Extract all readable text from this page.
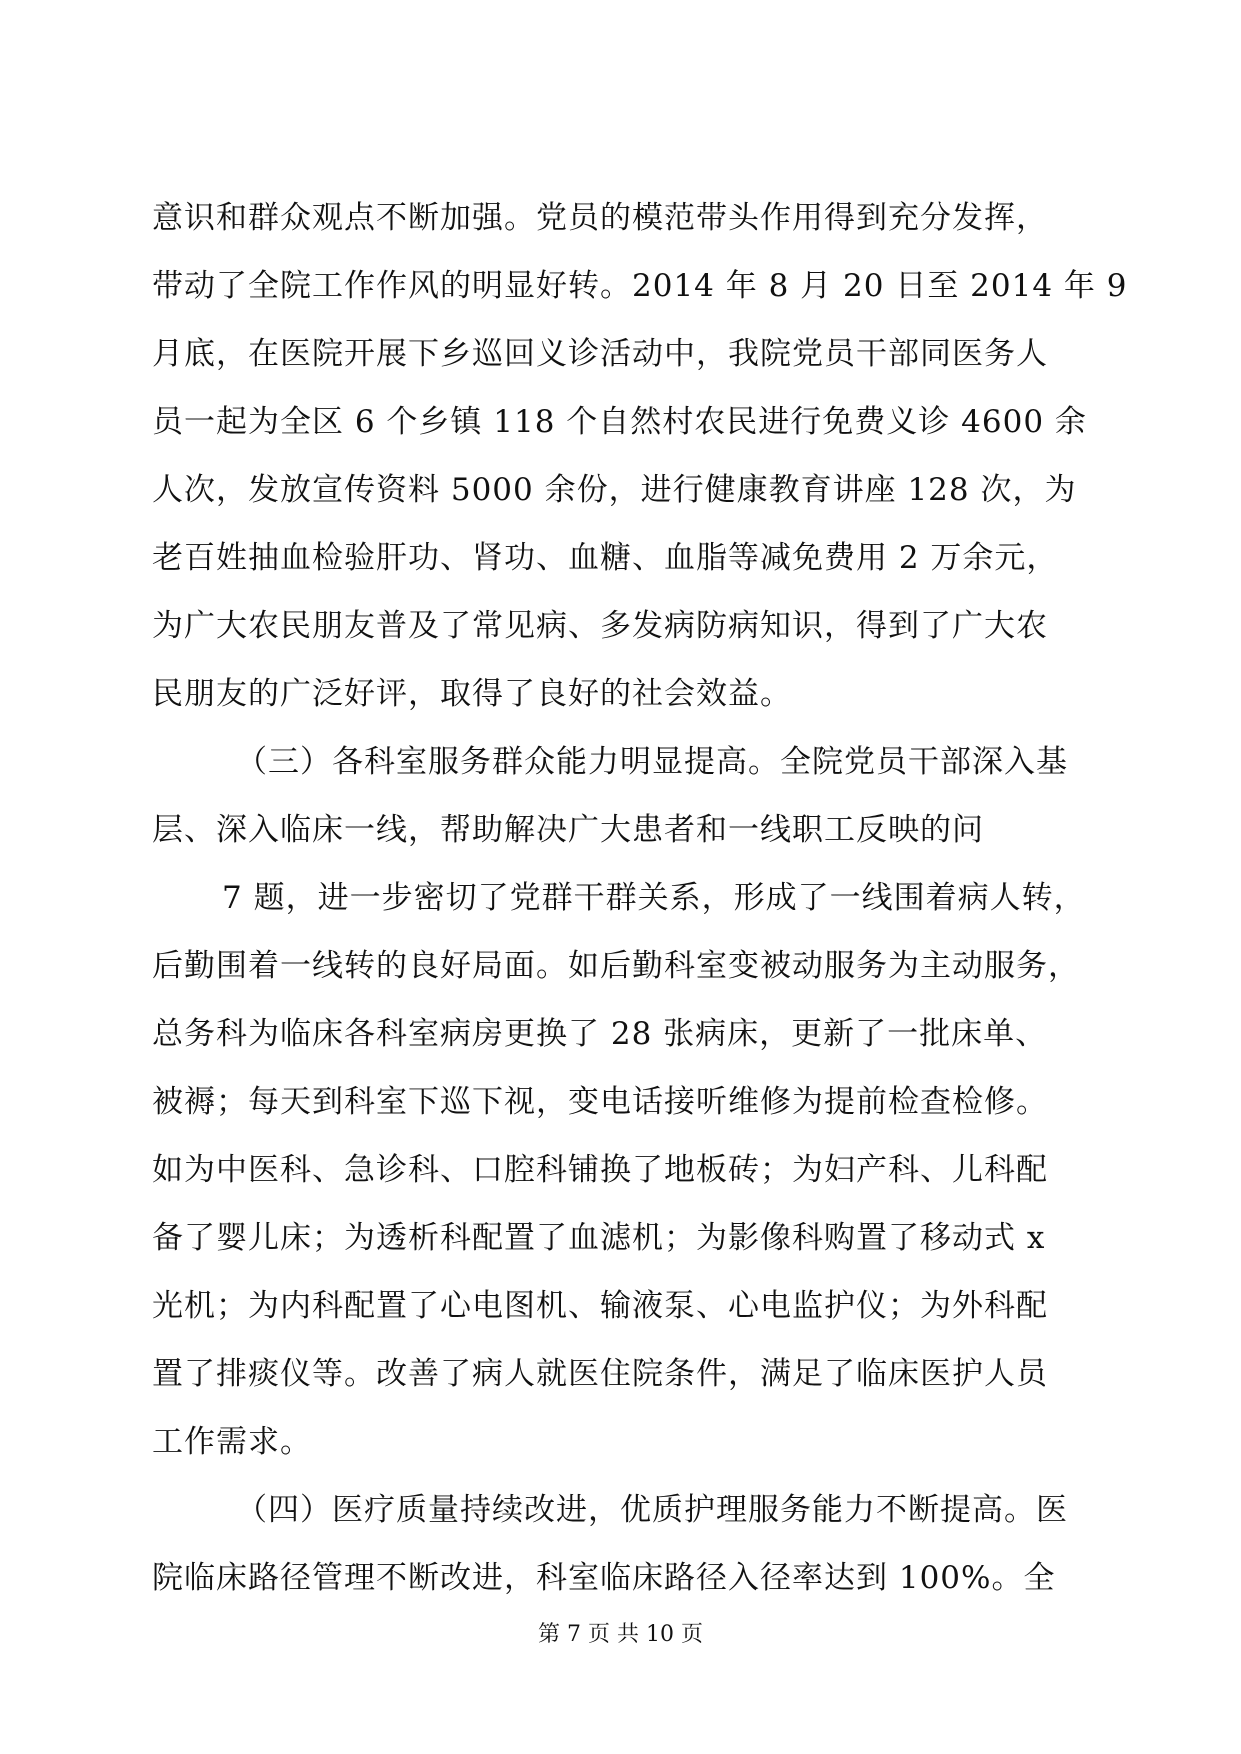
意识和群众观点不断加强。党员的模范带头作用得到充分发挥，
带动了全院工作作风的明显好转。2014 年 8 月 20 日至 2014 年 9
月底，在医院开展下乡巡回义诊活动中，我院党员干部同医务人
员一起为全区 6 个乡镇 118 个自然村农民进行免费义诊 4600 余
人次，发放宣传资料 5000 余份，进行健康教育讲座 128 次，为
老百姓抽血检验肝功、肾功、血糖、血脂等减免费用 2 万余元，
为广大农民朋友普及了常见病、多发病防病知识，得到了广大农
民朋友的广泛好评，取得了良好的社会效益。
（三）各科室服务群众能力明显提高。全院党员干部深入基
层、深入临床一线，帮助解决广大患者和一线职工反映的问
7 题，进一步密切了党群干群关系，形成了一线围着病人转，
后勤围着一线转的良好局面。如后勤科室变被动服务为主动服务，
总务科为临床各科室病房更换了 28 张病床，更新了一批床单、
被褥；每天到科室下巡下视，变电话接听维修为提前检查检修。
如为中医科、急诊科、口腔科铺换了地板砖；为妇产科、儿科配
备了婴儿床；为透析科配置了血滤机；为影像科购置了移动式 x
光机；为内科配置了心电图机、输液泵、心电监护仪；为外科配
置了排痰仪等。改善了病人就医住院条件，满足了临床医护人员
工作需求。
（四）医疗质量持续改进，优质护理服务能力不断提高。医
院临床路径管理不断改进，科室临床路径入径率达到 100%。全
第 7 页 共 10 页
